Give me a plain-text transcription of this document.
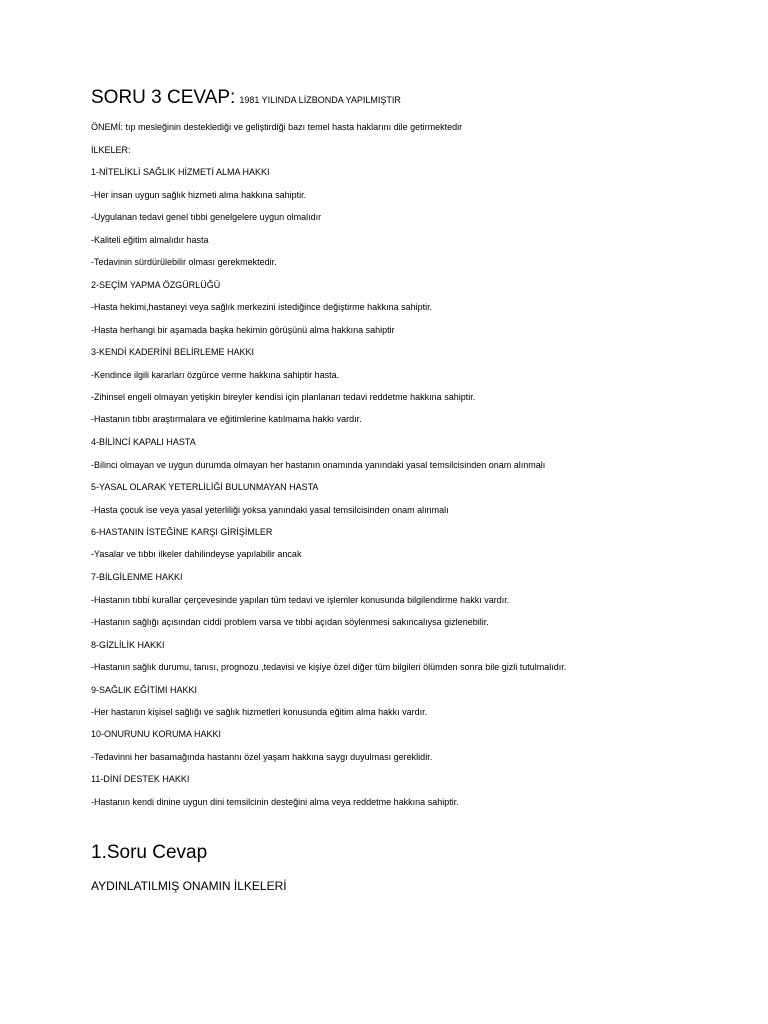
SORU 3 CEVAP: 1981 YILINDA LİZBONDA YAPILMIŞTIR
ÖNEMİ: tıp mesleğinin desteklediği ve geliştirdiği bazı temel hasta haklarını dile getirmektedir
İLKELER:
1-NİTELİKLİ SAĞLIK HİZMETİ ALMA HAKKI
-Her insan uygun sağlık hizmeti alma hakkına sahiptir.
-Uygulanan tedavi genel tıbbi genelgelere uygun olmalıdır
-Kaliteli eğitim almalıdır hasta
-Tedavinin sürdürülebilir olması gerekmektedir.
2-SEÇİM YAPMA ÖZGÜRLÜĞÜ
-Hasta hekimi,hastaneyi veya sağlık merkezini istediğince değiştirme hakkına sahiptir.
-Hasta herhangi bir aşamada başka hekimin görüşünü alma hakkına sahiptir
3-KENDİ KADERİNİ BELİRLEME HAKKI
-Kendince ilgili kararları özgürce verme hakkına sahiptir hasta.
-Zihinsel engeli olmayan yetişkin bireyler kendisi için planlanan tedavi reddetme hakkına sahiptir.
-Hastanın tıbbı araştırmalara ve eğitimlerine katılmama hakkı vardır.
4-BİLİNCİ KAPALI HASTA
-Bilinci olmayan ve uygun durumda olmayan her hastanın onamında yanındaki yasal temsilcisinden onam alınmalı
5-YASAL OLARAK YETERLİLİĞİ BULUNMAYAN HASTA
-Hasta çocuk ise veya yasal yeterliliği yoksa yanındaki yasal temsilcisinden onam alınmalı
6-HASTANIN İSTEĞİNE KARŞI GİRİŞİMLER
-Yasalar ve tıbbı ilkeler dahilindeyse yapılabilir ancak
7-BİLGİLENME HAKKI
-Hastanın tıbbi kurallar çerçevesinde yapılan tüm tedavi ve işlemler konusunda bilgilendirme hakkı vardır.
-Hastanın sağlığı açısından ciddi problem varsa ve tıbbi açıdan söylenmesi sakıncalıysa gizlenebilir.
8-GİZLİLİK HAKKI
-Hastanın sağlık durumu, tanısı, prognozu ,tedavisi ve kişiye özel diğer tüm bilgileri ölümden sonra bile gizli tutulmalıdır.
9-SAĞLIK EĞİTİMİ HAKKI
-Her hastanın kişisel sağlığı ve sağlık hizmetleri konusunda eğitim alma hakkı vardır.
10-ONURUNU KORUMA HAKKI
-Tedavinni her basamağında hastannı özel yaşam hakkına saygı duyulması gereklidir.
11-DİNİ DESTEK HAKKI
-Hastanın kendi dinine uygun dini temsilcinin desteğini alma veya reddetme hakkına sahiptir.
1.Soru Cevap
AYDINLATILMIŞ ONAMIN İLKELERİ
